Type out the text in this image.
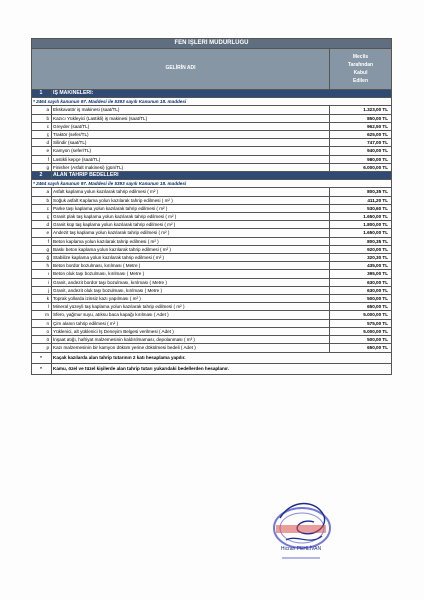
FEN İŞLERİ MÜDÜRLÜĞÜ		
GELİRİN ADI		Meclis
Tarafından
Kabul
Edilen

1	İŞ MAKİNELERİ:	
* 2464 sayılı kanunun 97. Maddesi ile 5393 sayılı Kanunun 18. maddesi		
a	Ekskavatör iş makinesi (saat/TL)	1.323,00 TL
b	Kazıcı Yükleyici (Lastikli) iş makinesi (saat/TL)	850,00 TL
c	Greyder (saat/TL)	962,50 TL
ç	Traktör (sefer/TL)	625,00 TL
d	Silindir (saat/TL)	747,00 TL
e	Kamyon (sefer/TL)	940,00 TL
f	Lastikli kepçe (saat/TL)	980,00 TL
g	Finisher (Asfalt makinesi) (gün/TL)	6.000,00 TL
2	ALAN TAHRİP BEDELLERİ	
* 2464 sayılı kanunun 97. Maddesi ile 5393 sayılı Kanunun 18. maddesi		
a	Asfalt kaplama yolun kazılarak tahrip edilmesi ( m² )	800,35 TL
b	Soğuk asfalt Kaplama yolun kazılarak tahrip edilmesi ( m² )	411,20 TL
c	Parke taşı kaplama yolun kazılarak tahrip edilmesi ( m² )	530,60 TL
ç	Granit plak taş kaplama yolun kazılarak tahrip edilmesi ( m² )	1.650,00 TL
d	Granit küp taş kaplama yolun kazılarak tahrip edilmesi ( m² )	1.800,00 TL
e	Andezit taş kaplama yolun kazılarak tahrip edilmesi ( m² )	1.650,00 TL
f	Beton kaplama yolun kazılarak tahrip edilmesi ( m² )	800,35 TL
g	Baskı beton kaplama yolun kazılarak tahrip edilmesi ( m² )	920,00 TL
ğ	Stabilize kaplama yolun kazılarak tahrip edilmesi ( m² )	320,30 TL
h	Beton bordür bozulması, kırılması ( Metre )	435,00 TL
ı	Beton oluk taşı bozulması, kırılması ( Metre )	395,00 TL
i	Granit, andezit bordür taşı bozulması, kırılması ( Metre )	630,00 TL
j	Granit, andezit oluk taşı bozulması, kırılması ( Metre )	630,00 TL
k	Toprak yollarda izinsiz kazı yapılması ( m² )	500,00 TL
l	Mineral yüzeyli taş kaplama yolun kazılarak tahrip edilmesi ( m² )	650,00 TL
m	Sfero, yağmur suyu, atıksu baca kapağı kırılması ( Adet )	5.000,00 TL
n	Çim alanın tahrip edilmesi ( m² )	575,00 TL
o	Yüklenici, alt yüklenici İş Deneyim Belgesi verilmesi ( Adet )	5.000,00 TL
ö	İnşaat atığı, hafriyat malzemesinin kaldırılmaması, depolanması ( m³ )	500,00 TL
p	Kazı malzemesinin bir kamyon döküm yerine dökülmesi bedeli ( Adet )	650,00 TL
*	Kaçak kazılarda alan tahrip tutarının 2 katı hesaplama yapılır.	
*	Kamu, özel ve tüzel kişilerde alan tahrip tutarı yukarıdaki bedellerden hesaplanır.	
Hicran PEHLİVAN
